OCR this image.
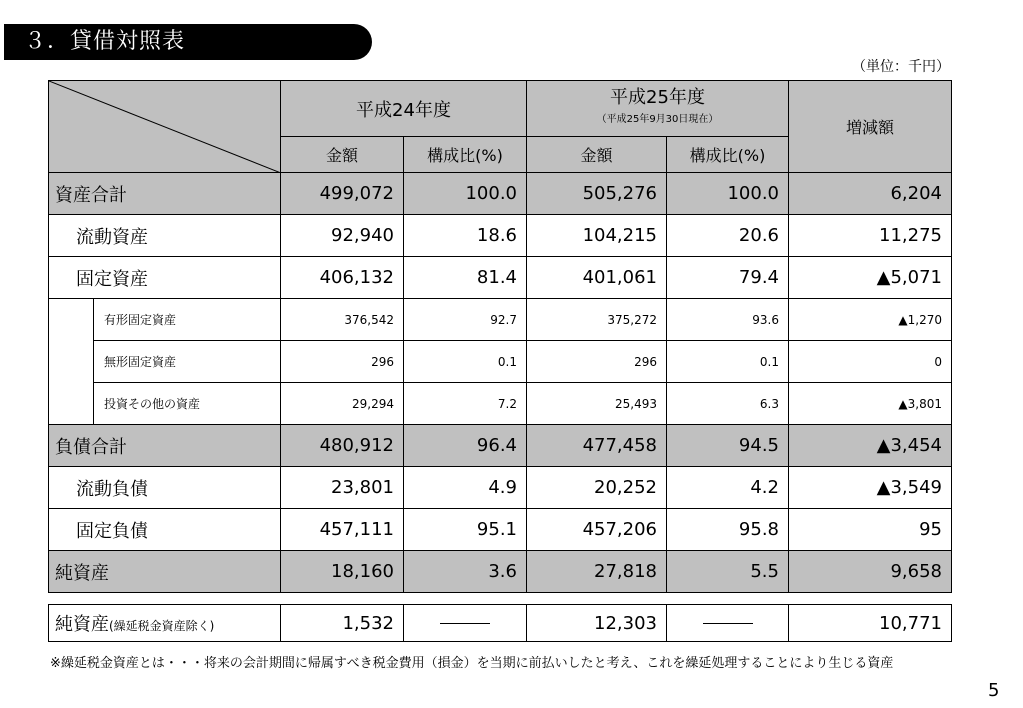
３．貸借対照表
（単位：千円）
	平成24年度		平成25年度
（平成25年9月30日現在）		増減額
		金額	構成比(%)	金額	構成比(%)	
資産合計		499,072	100.0	505,276	100.0	6,204
流動資産		92,940	18.6	104,215	20.6	11,275
固定資産		406,132	81.4	401,061	79.4	▲5,071
	有形固定資産	376,542	92.7	375,272	93.6	▲1,270
	無形固定資産	296	0.1	296	0.1	0
	投資その他の資産	29,294	7.2	25,493	6.3	▲3,801
負債合計		480,912	96.4	477,458	94.5	▲3,454
流動負債		23,801	4.9	20,252	4.2	▲3,549
固定負債		457,111	95.1	457,206	95.8	95
純資産		18,160	3.6	27,818	5.5	9,658
純資産(繰延税金資産除く)	1,532		12,303		10,771
※繰延税金資産とは・・・将来の会計期間に帰属すべき税金費用（損金）を当期に前払いしたと考え、これを繰延処理することにより生じる資産
5
